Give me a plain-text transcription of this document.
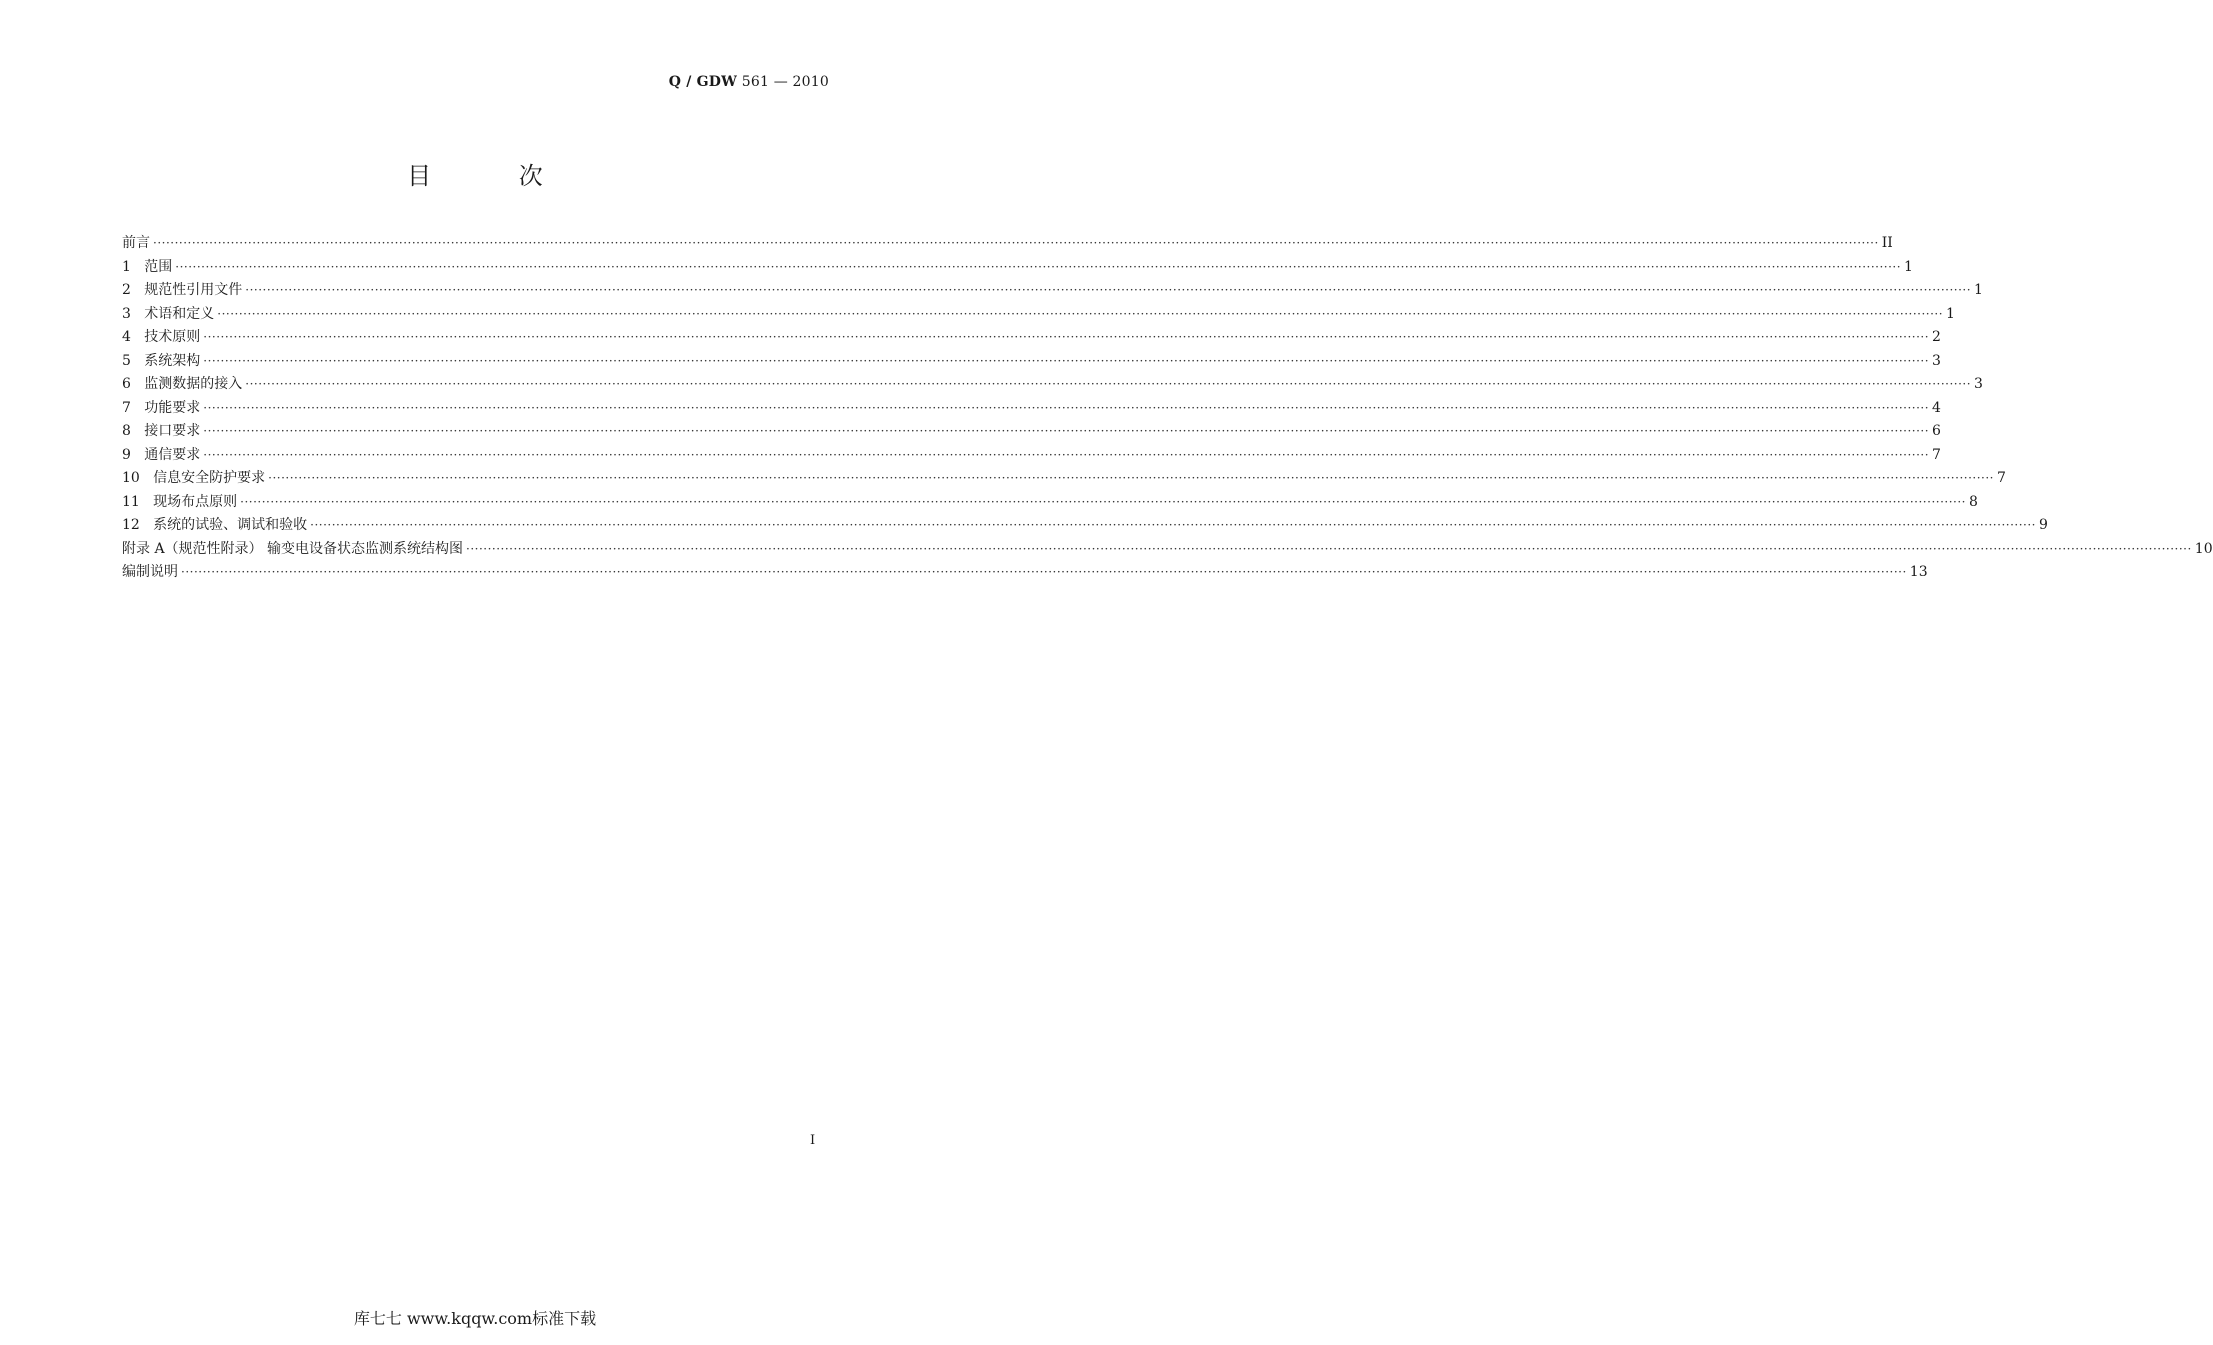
Q / GDW 561 — 2010
目 次
前言 ················································································································································································································································································································································································································ II
1   范围 ················································································································································································································································································································································································································ 1
2   规范性引用文件 ················································································································································································································································································································································································································ 1
3   术语和定义 ················································································································································································································································································································································································································ 1
4   技术原则 ················································································································································································································································································································································································································ 2
5   系统架构 ················································································································································································································································································································································································································ 3
6   监测数据的接入 ················································································································································································································································································································································································································ 3
7   功能要求 ················································································································································································································································································································································································································ 4
8   接口要求 ················································································································································································································································································································································································································ 6
9   通信要求 ················································································································································································································································································································································································································ 7
10   信息安全防护要求 ················································································································································································································································································································································································································ 7
11   现场布点原则 ················································································································································································································································································································································································································ 8
12   系统的试验、调试和验收 ················································································································································································································································································································································································································ 9
附录 A（规范性附录） 输变电设备状态监测系统结构图 ················································································································································································································································································································································································································ 10
编制说明 ················································································································································································································································································································································································································ 13
I
库七七 www.kqqw.com标准下载
